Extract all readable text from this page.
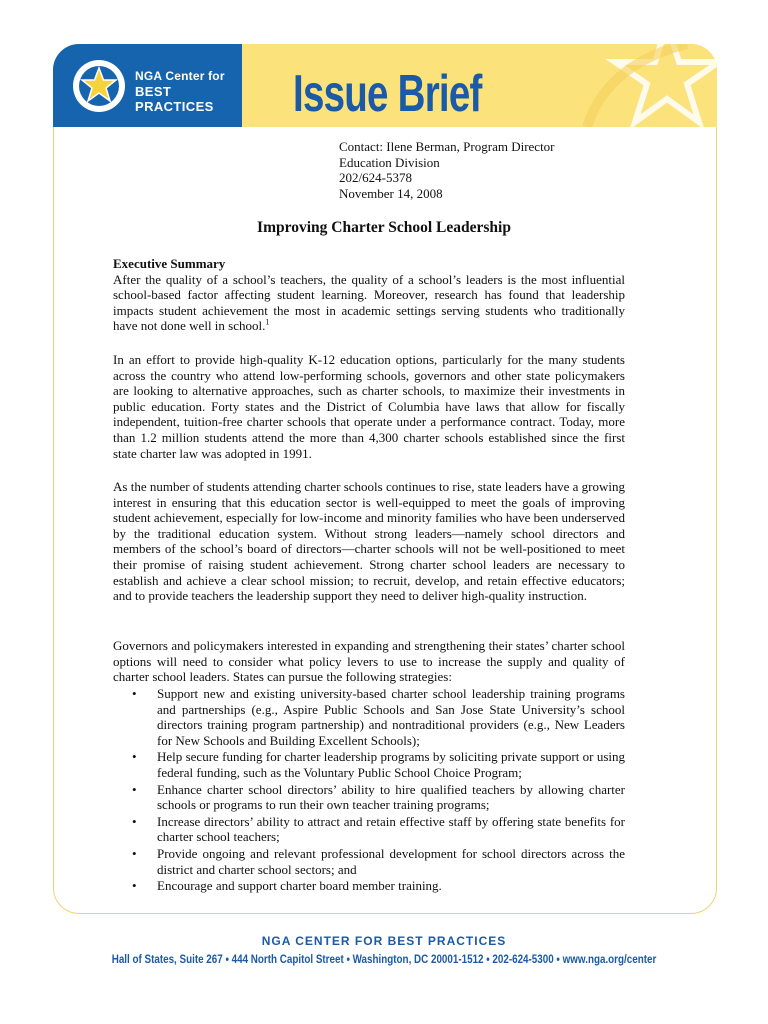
NGA Center for
BEST PRACTICES	Issue Brief
Contact: Ilene Berman, Program Director
Education Division
202/624-5378
November 14, 2008
Improving Charter School Leadership
Executive Summary
After the quality of a school’s teachers, the quality of a school’s leaders is the most influential school-based factor affecting student learning. Moreover, research has found that leadership impacts student achievement the most in academic settings serving students who traditionally have not done well in school.$^1$
In an effort to provide high-quality K-12 education options, particularly for the many students across the country who attend low-performing schools, governors and other state policymakers are looking to alternative approaches, such as charter schools, to maximize their investments in public education. Forty states and the District of Columbia have laws that allow for fiscally independent, tuition-free charter schools that operate under a performance contract. Today, more than 1.2 million students attend the more than 4,300 charter schools established since the first state charter law was adopted in 1991.
As the number of students attending charter schools continues to rise, state leaders have a growing interest in ensuring that this education sector is well-equipped to meet the goals of improving student achievement, especially for low-income and minority families who have been underserved by the traditional education system. Without strong leaders—namely school directors and members of the school’s board of directors—charter schools will not be well-positioned to meet their promise of raising student achievement. Strong charter school leaders are necessary to establish and achieve a clear school mission; to recruit, develop, and retain effective educators; and to provide teachers the leadership support they need to deliver high-quality instruction.
Governors and policymakers interested in expanding and strengthening their states’ charter school options will need to consider what policy levers to use to increase the supply and quality of charter school leaders. States can pursue the following strategies:
• Support new and existing university-based charter school leadership training programs and partnerships (e.g., Aspire Public Schools and San Jose State University’s school directors training program partnership) and nontraditional providers (e.g., New Leaders for New Schools and Building Excellent Schools);
• Help secure funding for charter leadership programs by soliciting private support or using federal funding, such as the Voluntary Public School Choice Program;
• Enhance charter school directors’ ability to hire qualified teachers by allowing charter schools or programs to run their own teacher training programs;
• Increase directors’ ability to attract and retain effective staff by offering state benefits for charter school teachers;
• Provide ongoing and relevant professional development for school directors across the district and charter school sectors; and
• Encourage and support charter board member training.
NGA CENTER FOR BEST PRACTICES
Hall of States, Suite 267 • 444 North Capitol Street • Washington, DC 20001-1512 • 202-624-5300 • www.nga.org/center
